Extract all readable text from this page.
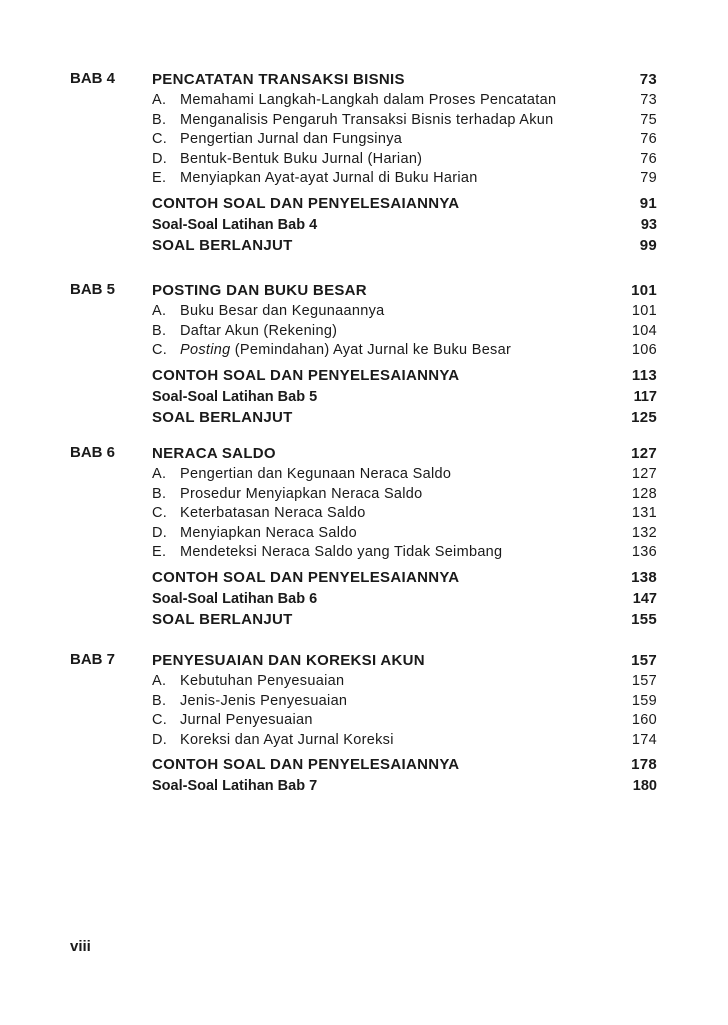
BAB 4 PENCATATAN TRANSAKSI BISNIS	73
A. Memahami Langkah-Langkah dalam Proses Pencatatan	73
B. Menganalisis Pengaruh Transaksi Bisnis terhadap Akun	75
C. Pengertian Jurnal dan Fungsinya	76
D. Bentuk-Bentuk Buku Jurnal (Harian)	76
E. Menyiapkan Ayat-ayat Jurnal di Buku Harian	79
CONTOH SOAL DAN PENYELESAIANNYA	91
Soal-Soal Latihan Bab 4	93
SOAL BERLANJUT	99
BAB 5 POSTING DAN BUKU BESAR	101
A. Buku Besar dan Kegunaannya	101
B. Daftar Akun (Rekening)	104
C. Posting (Pemindahan) Ayat Jurnal ke Buku Besar	106
CONTOH SOAL DAN PENYELESAIANNYA	113
Soal-Soal Latihan Bab 5	117
SOAL BERLANJUT	125
BAB 6 NERACA SALDO	127
A. Pengertian dan Kegunaan Neraca Saldo	127
B. Prosedur Menyiapkan Neraca Saldo	128
C. Keterbatasan Neraca Saldo	131
D. Menyiapkan Neraca Saldo	132
E. Mendeteksi Neraca Saldo yang Tidak Seimbang	136
CONTOH SOAL DAN PENYELESAIANNYA	138
Soal-Soal Latihan Bab 6	147
SOAL BERLANJUT	155
BAB 7 PENYESUAIAN DAN KOREKSI AKUN	157
A. Kebutuhan Penyesuaian	157
B. Jenis-Jenis Penyesuaian	159
C. Jurnal Penyesuaian	160
D. Koreksi dan Ayat Jurnal Koreksi	174
CONTOH SOAL DAN PENYELESAIANNYA	178
Soal-Soal Latihan Bab 7	180
viii
